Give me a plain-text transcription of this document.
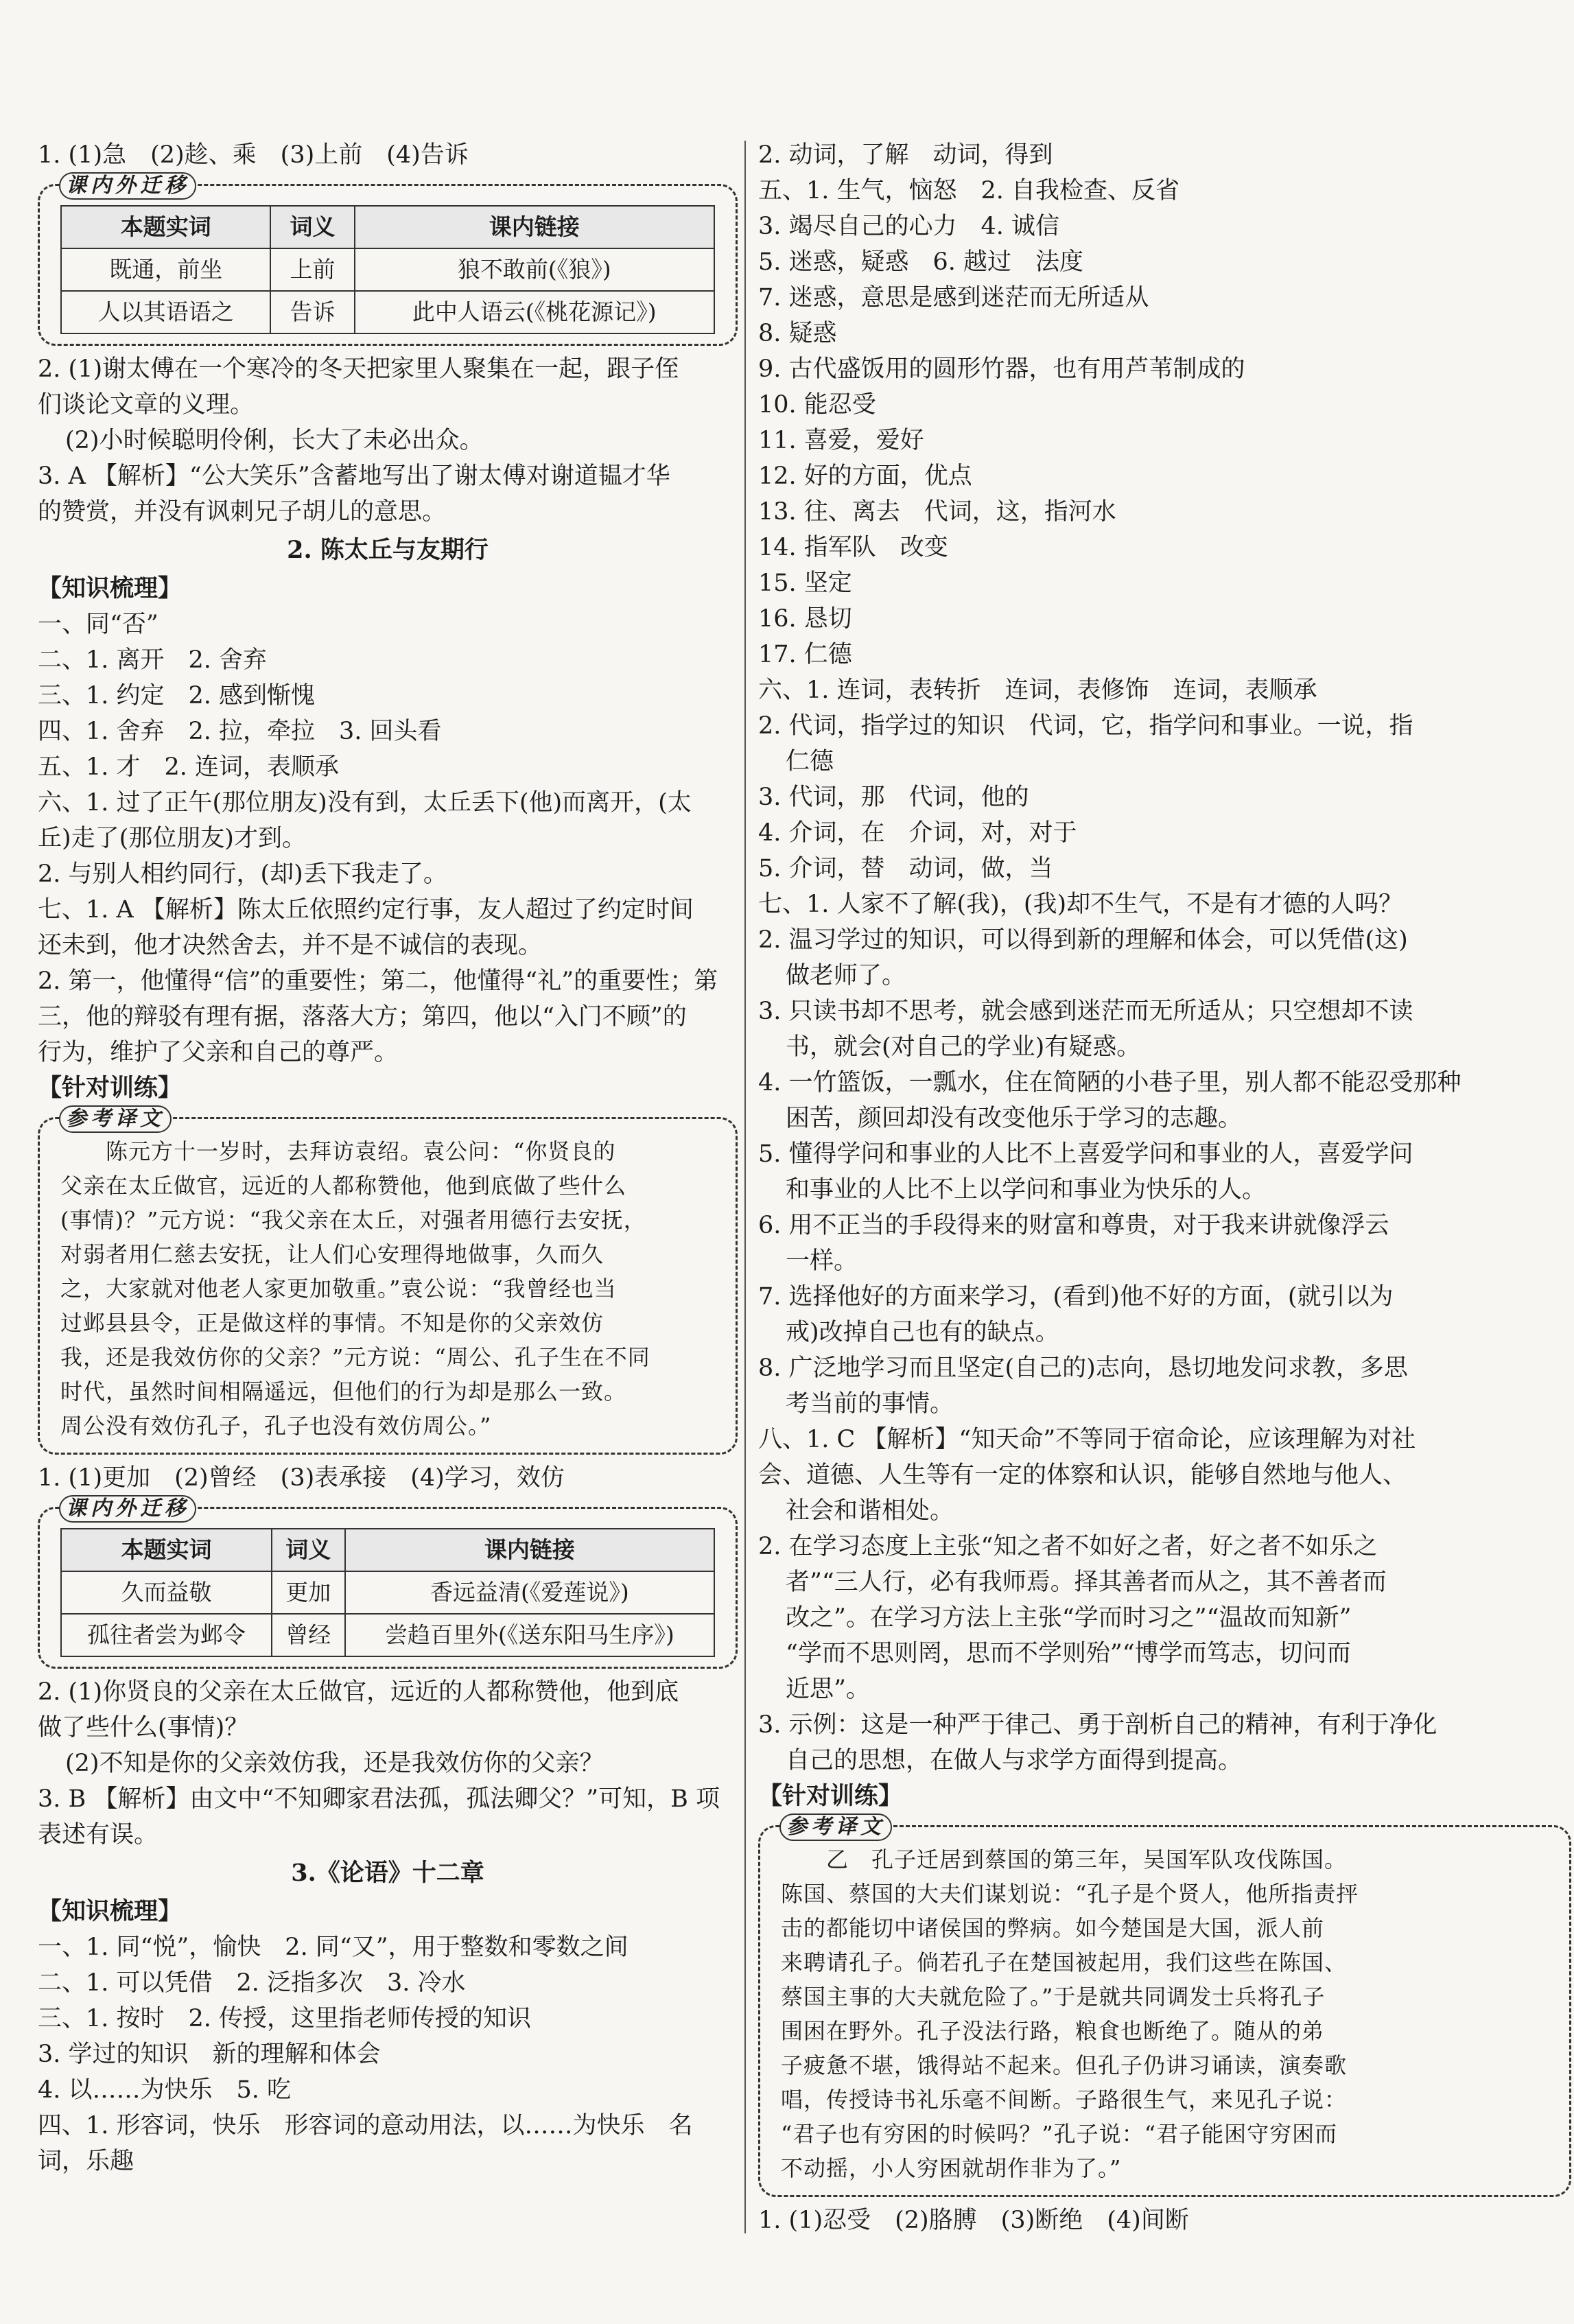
1. (1)急　(2)趁、乘　(3)上前　(4)告诉
课内外迁移
本题实词	词义	课内链接
既通，前坐	上前	狼不敢前(《狼》)
人以其语语之	告诉	此中人语云(《桃花源记》)
2. (1)谢太傅在一个寒冷的冬天把家里人聚集在一起，跟子侄
们谈论文章的义理。
(2)小时候聪明伶俐，长大了未必出众。
3. A 【解析】“公大笑乐”含蓄地写出了谢太傅对谢道韫才华
的赞赏，并没有讽刺兄子胡儿的意思。
2. 陈太丘与友期行
【知识梳理】
一、同“否”
二、1. 离开　2. 舍弃
三、1. 约定　2. 感到惭愧
四、1. 舍弃　2. 拉，牵拉　3. 回头看
五、1. 才　2. 连词，表顺承
六、1. 过了正午(那位朋友)没有到，太丘丢下(他)而离开，(太
丘)走了(那位朋友)才到。
2. 与别人相约同行，(却)丢下我走了。
七、1. A 【解析】陈太丘依照约定行事，友人超过了约定时间
还未到，他才决然舍去，并不是不诚信的表现。
2. 第一，他懂得“信”的重要性；第二，他懂得“礼”的重要性；第
三，他的辩驳有理有据，落落大方；第四，他以“入门不顾”的
行为，维护了父亲和自己的尊严。
【针对训练】
参考译文
　　陈元方十一岁时，去拜访袁绍。袁公问：“你贤良的
父亲在太丘做官，远近的人都称赞他，他到底做了些什么
(事情)？”元方说：“我父亲在太丘，对强者用德行去安抚，
对弱者用仁慈去安抚，让人们心安理得地做事，久而久
之，大家就对他老人家更加敬重。”袁公说：“我曾经也当
过邺县县令，正是做这样的事情。不知是你的父亲效仿
我，还是我效仿你的父亲？”元方说：“周公、孔子生在不同
时代，虽然时间相隔遥远，但他们的行为却是那么一致。
周公没有效仿孔子，孔子也没有效仿周公。”
1. (1)更加　(2)曾经　(3)表承接　(4)学习，效仿
课内外迁移
本题实词	词义	课内链接
久而益敬	更加	香远益清(《爱莲说》)
孤往者尝为邺令	曾经	尝趋百里外(《送东阳马生序》)
2. (1)你贤良的父亲在太丘做官，远近的人都称赞他，他到底
做了些什么(事情)？
(2)不知是你的父亲效仿我，还是我效仿你的父亲？
3. B 【解析】由文中“不知卿家君法孤，孤法卿父？”可知，B 项
表述有误。
3.《论语》十二章
【知识梳理】
一、1. 同“悦”，愉快　2. 同“又”，用于整数和零数之间
二、1. 可以凭借　2. 泛指多次　3. 冷水
三、1. 按时　2. 传授，这里指老师传授的知识
3. 学过的知识　新的理解和体会
4. 以……为快乐　5. 吃
四、1. 形容词，快乐　形容词的意动用法，以……为快乐　名
词，乐趣
2. 动词，了解　动词，得到
五、1. 生气，恼怒　2. 自我检查、反省
3. 竭尽自己的心力　4. 诚信
5. 迷惑，疑惑　6. 越过　法度
7. 迷惑，意思是感到迷茫而无所适从
8. 疑惑
9. 古代盛饭用的圆形竹器，也有用芦苇制成的
10. 能忍受
11. 喜爱，爱好
12. 好的方面，优点
13. 往、离去　代词，这，指河水
14. 指军队　改变
15. 坚定
16. 恳切
17. 仁德
六、1. 连词，表转折　连词，表修饰　连词，表顺承
2. 代词，指学过的知识　代词，它，指学问和事业。一说，指
仁德
3. 代词，那　代词，他的
4. 介词，在　介词，对，对于
5. 介词，替　动词，做，当
七、1. 人家不了解(我)，(我)却不生气，不是有才德的人吗？
2. 温习学过的知识，可以得到新的理解和体会，可以凭借(这)
做老师了。
3. 只读书却不思考，就会感到迷茫而无所适从；只空想却不读
书，就会(对自己的学业)有疑惑。
4. 一竹篮饭，一瓢水，住在简陋的小巷子里，别人都不能忍受那种
困苦，颜回却没有改变他乐于学习的志趣。
5. 懂得学问和事业的人比不上喜爱学问和事业的人，喜爱学问
和事业的人比不上以学问和事业为快乐的人。
6. 用不正当的手段得来的财富和尊贵，对于我来讲就像浮云
一样。
7. 选择他好的方面来学习，(看到)他不好的方面，(就引以为
戒)改掉自己也有的缺点。
8. 广泛地学习而且坚定(自己的)志向，恳切地发问求教，多思
考当前的事情。
八、1. C 【解析】“知天命”不等同于宿命论，应该理解为对社
会、道德、人生等有一定的体察和认识，能够自然地与他人、
社会和谐相处。
2. 在学习态度上主张“知之者不如好之者，好之者不如乐之
者”“三人行，必有我师焉。择其善者而从之，其不善者而
改之”。在学习方法上主张“学而时习之”“温故而知新”
“学而不思则罔，思而不学则殆”“博学而笃志，切问而
近思”。
3. 示例：这是一种严于律己、勇于剖析自己的精神，有利于净化
自己的思想，在做人与求学方面得到提高。
【针对训练】
参考译文
　　乙　孔子迁居到蔡国的第三年，吴国军队攻伐陈国。
陈国、蔡国的大夫们谋划说：“孔子是个贤人，他所指责抨
击的都能切中诸侯国的弊病。如今楚国是大国，派人前
来聘请孔子。倘若孔子在楚国被起用，我们这些在陈国、
蔡国主事的大夫就危险了。”于是就共同调发士兵将孔子
围困在野外。孔子没法行路，粮食也断绝了。随从的弟
子疲惫不堪，饿得站不起来。但孔子仍讲习诵读，演奏歌
唱，传授诗书礼乐毫不间断。子路很生气，来见孔子说：
“君子也有穷困的时候吗？”孔子说：“君子能困守穷困而
不动摇，小人穷困就胡作非为了。”
1. (1)忍受　(2)胳膊　(3)断绝　(4)间断
